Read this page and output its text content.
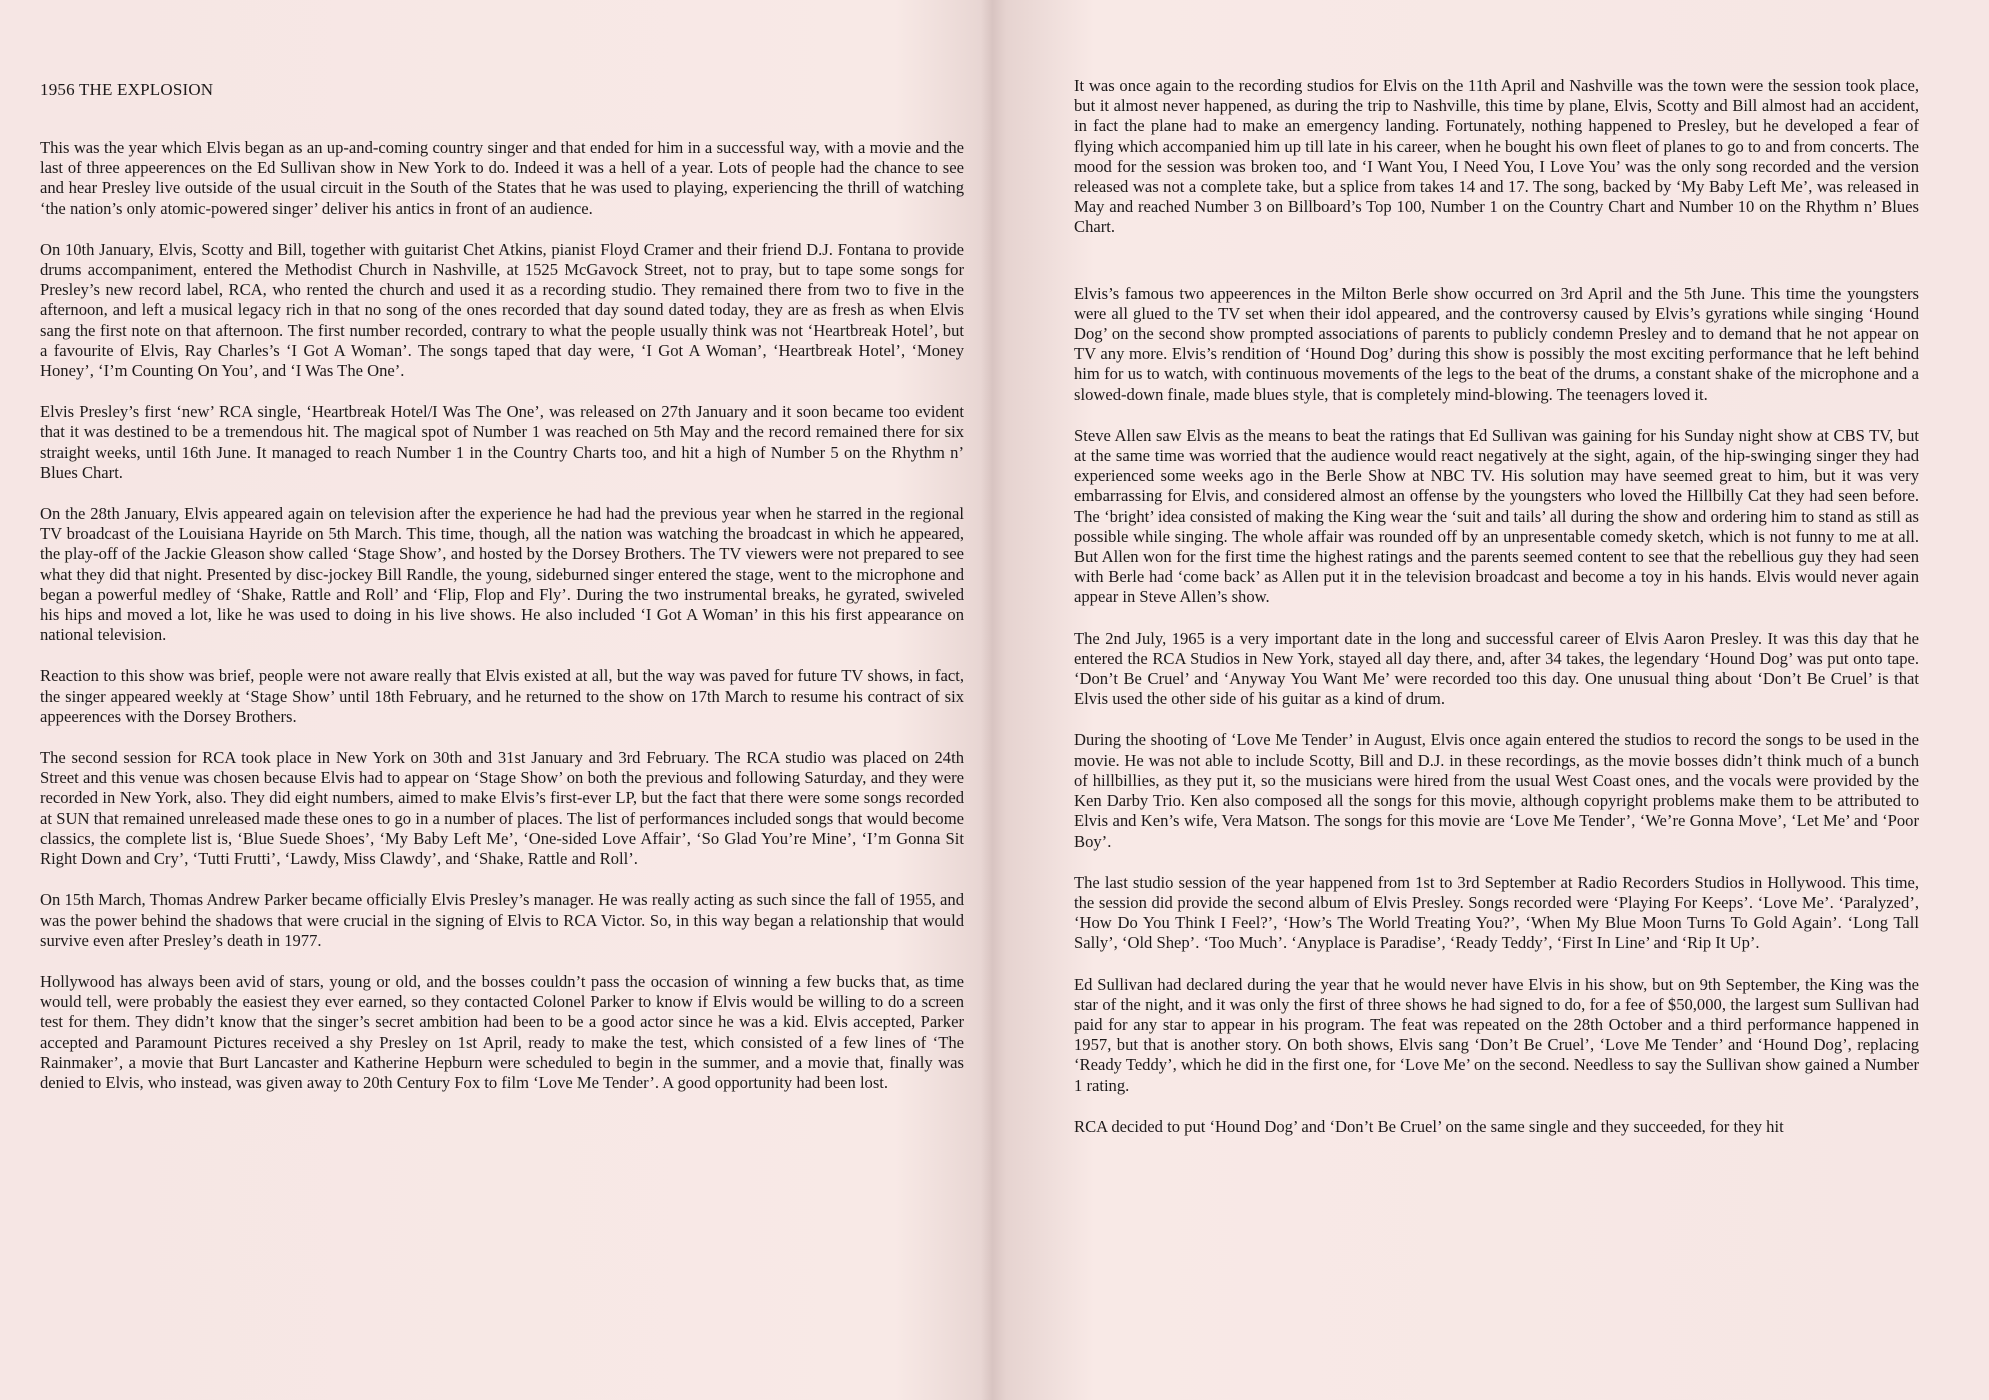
1956 THE EXPLOSION

This was the year which Elvis began as an up-and-coming country singer and that ended for him in a successful way, with a movie and the last of three appeerences on the Ed Sullivan show in New York to do. Indeed it was a hell of a year. Lots of people had the chance to see and hear Presley live outside of the usual circuit in the South of the States that he was used to playing, experiencing the thrill of watching ‘the nation’s only atomic-powered singer’ deliver his antics in front of an audience.

On 10th January, Elvis, Scotty and Bill, together with guitarist Chet Atkins, pianist Floyd Cramer and their friend D.J. Fontana to provide drums accompaniment, entered the Methodist Church in Nashville, at 1525 McGavock Street, not to pray, but to tape some songs for Presley’s new record label, RCA, who rented the church and used it as a recording studio. They remained there from two to five in the afternoon, and left a musical legacy rich in that no song of the ones recorded that day sound dated today, they are as fresh as when Elvis sang the first note on that afternoon. The first number recorded, contrary to what the people usually think was not ‘Heartbreak Hotel’, but a favourite of Elvis, Ray Charles’s ‘I Got A Woman’. The songs taped that day were, ‘I Got A Woman’, ‘Heartbreak Hotel’, ‘Money Honey’, ‘I’m Counting On You’, and ‘I Was The One’.

Elvis Presley’s first ‘new’ RCA single, ‘Heartbreak Hotel/I Was The One’, was released on 27th January and it soon became too evident that it was destined to be a tremendous hit. The magical spot of Number 1 was reached on 5th May and the record remained there for six straight weeks, until 16th June. It managed to reach Number 1 in the Country Charts too, and hit a high of Number 5 on the Rhythm n’ Blues Chart.

On the 28th January, Elvis appeared again on television after the experience he had had the previous year when he starred in the regional TV broadcast of the Louisiana Hayride on 5th March. This time, though, all the nation was watching the broadcast in which he appeared, the play-off of the Jackie Gleason show called ‘Stage Show’, and hosted by the Dorsey Brothers. The TV viewers were not prepared to see what they did that night. Presented by disc-jockey Bill Randle, the young, sideburned singer entered the stage, went to the microphone and began a powerful medley of ‘Shake, Rattle and Roll’ and ‘Flip, Flop and Fly’. During the two instrumental breaks, he gyrated, swiveled his hips and moved a lot, like he was used to doing in his live shows. He also included ‘I Got A Woman’ in this his first appearance on national television.

Reaction to this show was brief, people were not aware really that Elvis existed at all, but the way was paved for future TV shows, in fact, the singer appeared weekly at ‘Stage Show’ until 18th February, and he returned to the show on 17th March to resume his contract of six appeerences with the Dorsey Brothers.

The second session for RCA took place in New York on 30th and 31st January and 3rd February. The RCA studio was placed on 24th Street and this venue was chosen because Elvis had to appear on ‘Stage Show’ on both the previous and following Saturday, and they were recorded in New York, also. They did eight numbers, aimed to make Elvis’s first-ever LP, but the fact that there were some songs recorded at SUN that remained unreleased made these ones to go in a number of places. The list of performances included songs that would become classics, the complete list is, ‘Blue Suede Shoes’, ‘My Baby Left Me’, ‘One-sided Love Affair’, ‘So Glad You’re Mine’, ‘I’m Gonna Sit Right Down and Cry’, ‘Tutti Frutti’, ‘Lawdy, Miss Clawdy’, and ‘Shake, Rattle and Roll’.

On 15th March, Thomas Andrew Parker became officially Elvis Presley’s manager. He was really acting as such since the fall of 1955, and was the power behind the shadows that were crucial in the signing of Elvis to RCA Victor. So, in this way began a relationship that would survive even after Presley’s death in 1977.

Hollywood has always been avid of stars, young or old, and the bosses couldn’t pass the occasion of winning a few bucks that, as time would tell, were probably the easiest they ever earned, so they contacted Colonel Parker to know if Elvis would be willing to do a screen test for them. They didn’t know that the singer’s secret ambition had been to be a good actor since he was a kid. Elvis accepted, Parker accepted and Paramount Pictures received a shy Presley on 1st April, ready to make the test, which consisted of a few lines of ‘The Rainmaker’, a movie that Burt Lancaster and Katherine Hepburn were scheduled to begin in the summer, and a movie that, finally was denied to Elvis, who instead, was given away to 20th Century Fox to film ‘Love Me Tender’. A good opportunity had been lost.

It was once again to the recording studios for Elvis on the 11th April and Nashville was the town were the session took place, but it almost never happened, as during the trip to Nashville, this time by plane, Elvis, Scotty and Bill almost had an accident, in fact the plane had to make an emergency landing. Fortunately, nothing happened to Presley, but he developed a fear of flying which accompanied him up till late in his career, when he bought his own fleet of planes to go to and from concerts. The mood for the session was broken too, and ‘I Want You, I Need You, I Love You’ was the only song recorded and the version released was not a complete take, but a splice from takes 14 and 17. The song, backed by ‘My Baby Left Me’, was released in May and reached Number 3 on Billboard’s Top 100, Number 1 on the Country Chart and Number 10 on the Rhythm n’ Blues Chart.

Elvis’s famous two appeerences in the Milton Berle show occurred on 3rd April and the 5th June. This time the youngsters were all glued to the TV set when their idol appeared, and the controversy caused by Elvis’s gyrations while singing ‘Hound Dog’ on the second show prompted associations of parents to publicly condemn Presley and to demand that he not appear on TV any more. Elvis’s rendition of ‘Hound Dog’ during this show is possibly the most exciting performance that he left behind him for us to watch, with continuous movements of the legs to the beat of the drums, a constant shake of the microphone and a slowed-down finale, made blues style, that is completely mind-blowing. The teenagers loved it.

Steve Allen saw Elvis as the means to beat the ratings that Ed Sullivan was gaining for his Sunday night show at CBS TV, but at the same time was worried that the audience would react negatively at the sight, again, of the hip-swinging singer they had experienced some weeks ago in the Berle Show at NBC TV. His solution may have seemed great to him, but it was very embarrassing for Elvis, and considered almost an offense by the youngsters who loved the Hillbilly Cat they had seen before. The ‘bright’ idea consisted of making the King wear the ‘suit and tails’ all during the show and ordering him to stand as still as possible while singing. The whole affair was rounded off by an unpresentable comedy sketch, which is not funny to me at all. But Allen won for the first time the highest ratings and the parents seemed content to see that the rebellious guy they had seen with Berle had ‘come back’ as Allen put it in the television broadcast and become a toy in his hands. Elvis would never again appear in Steve Allen’s show.

The 2nd July, 1965 is a very important date in the long and successful career of Elvis Aaron Presley. It was this day that he entered the RCA Studios in New York, stayed all day there, and, after 34 takes, the legendary ‘Hound Dog’ was put onto tape. ‘Don’t Be Cruel’ and ‘Anyway You Want Me’ were recorded too this day. One unusual thing about ‘Don’t Be Cruel’ is that Elvis used the other side of his guitar as a kind of drum.

During the shooting of ‘Love Me Tender’ in August, Elvis once again entered the studios to record the songs to be used in the movie. He was not able to include Scotty, Bill and D.J. in these recordings, as the movie bosses didn’t think much of a bunch of hillbillies, as they put it, so the musicians were hired from the usual West Coast ones, and the vocals were provided by the Ken Darby Trio. Ken also composed all the songs for this movie, although copyright problems make them to be attributed to Elvis and Ken’s wife, Vera Matson. The songs for this movie are ‘Love Me Tender’, ‘We’re Gonna Move’, ‘Let Me’ and ‘Poor Boy’.

The last studio session of the year happened from 1st to 3rd September at Radio Recorders Studios in Hollywood. This time, the session did provide the second album of Elvis Presley. Songs recorded were ‘Playing For Keeps’. ‘Love Me’. ‘Paralyzed’, ‘How Do You Think I Feel?’, ‘How’s The World Treating You?’, ‘When My Blue Moon Turns To Gold Again’. ‘Long Tall Sally’, ‘Old Shep’. ‘Too Much’. ‘Anyplace is Paradise’, ‘Ready Teddy’, ‘First In Line’ and ‘Rip It Up’.

Ed Sullivan had declared during the year that he would never have Elvis in his show, but on 9th September, the King was the star of the night, and it was only the first of three shows he had signed to do, for a fee of $50,000, the largest sum Sullivan had paid for any star to appear in his program. The feat was repeated on the 28th October and a third performance happened in 1957, but that is another story. On both shows, Elvis sang ‘Don’t Be Cruel’, ‘Love Me Tender’ and ‘Hound Dog’, replacing ‘Ready Teddy’, which he did in the first one, for ‘Love Me’ on the second. Needless to say the Sullivan show gained a Number 1 rating.

RCA decided to put ‘Hound Dog’ and ‘Don’t Be Cruel’ on the same single and they succeeded, for they hit
